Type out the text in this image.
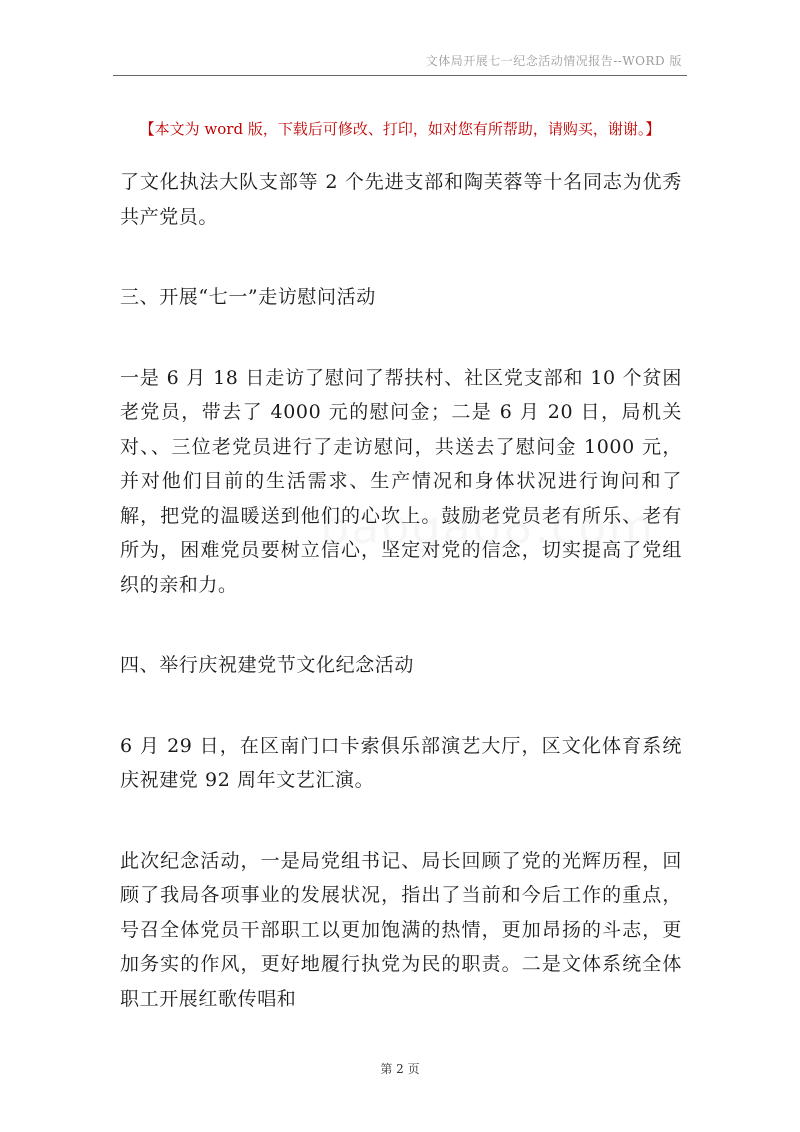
文体局开展七一纪念活动情况报告--WORD 版
【本文为 word 版，下载后可修改、打印，如对您有所帮助，请购买，谢谢。】

了文化执法大队支部等 2 个先进支部和陶芙蓉等十名同志为优秀共产党员。

三、开展“七一”走访慰问活动

一是 6 月 18 日走访了慰问了帮扶村、社区党支部和 10 个贫困老党员，带去了 4000 元的慰问金；二是 6 月 20 日，局机关对、、三位老党员进行了走访慰问，共送去了慰问金 1000 元，并对他们目前的生活需求、生产情况和身体状况进行询问和了解，把党的温暖送到他们的心坎上。鼓励老党员老有所乐、老有所为，困难党员要树立信心，坚定对党的信念，切实提高了党组织的亲和力。

四、举行庆祝建党节文化纪念活动

6 月 29 日，在区南门口卡索俱乐部演艺大厅，区文化体育系统庆祝建党 92 周年文艺汇演。

此次纪念活动，一是局党组书记、局长回顾了党的光辉历程，回顾了我局各项事业的发展状况，指出了当前和今后工作的重点，号召全体党员干部职工以更加饱满的热情，更加昂扬的斗志，更加务实的作风，更好地履行执党为民的职责。二是文体系统全体职工开展红歌传唱和

第 2 页
